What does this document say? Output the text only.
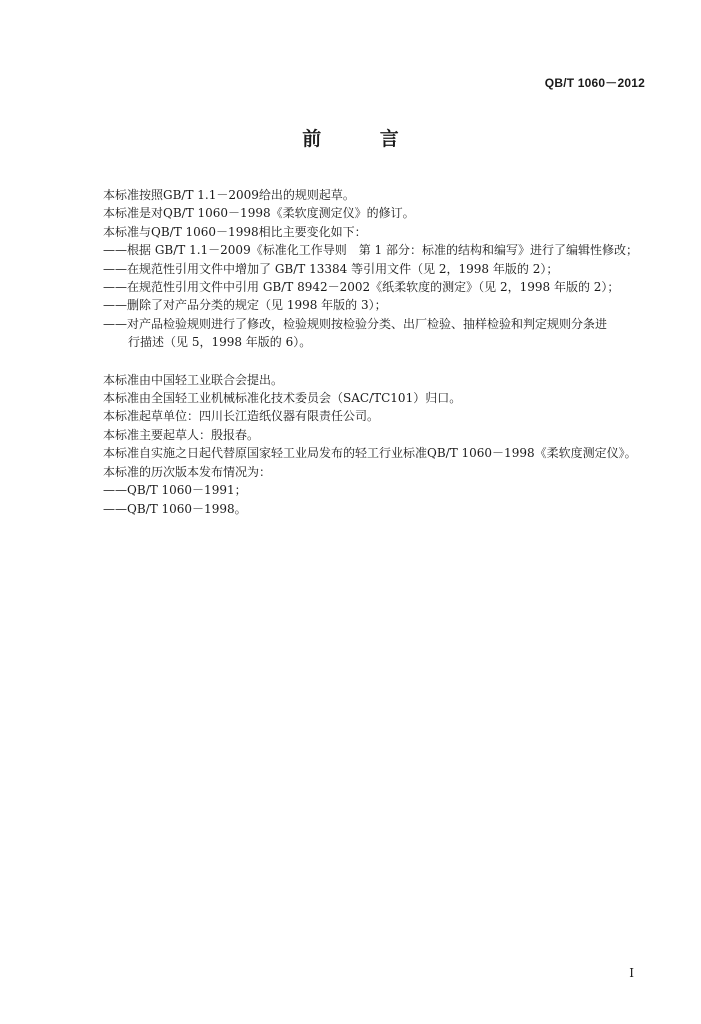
QB/T 1060－2012
前 言

本标准按照GB/T 1.1－2009给出的规则起草。

本标准是对QB/T 1060－1998《柔软度测定仪》的修订。

本标准与QB/T 1060－1998相比主要变化如下：

——根据 GB/T 1.1－2009《标准化工作导则　第 1 部分：标准的结构和编写》进行了编辑性修改；

——在规范性引用文件中增加了 GB/T 13384 等引用文件（见 2，1998 年版的 2）；

——在规范性引用文件中引用 GB/T 8942－2002《纸柔软度的测定》（见 2，1998 年版的 2）；

——删除了对产品分类的规定（见 1998 年版的 3）；

——对产品检验规则进行了修改，检验规则按检验分类、出厂检验、抽样检验和判定规则分条进

行描述（见 5，1998 年版的 6）。

本标准由中国轻工业联合会提出。

本标准由全国轻工业机械标准化技术委员会（SAC/TC101）归口。

本标准起草单位：四川长江造纸仪器有限责任公司。

本标准主要起草人：殷报春。

本标准自实施之日起代替原国家轻工业局发布的轻工行业标准QB/T 1060－1998《柔软度测定仪》。

本标准的历次版本发布情况为：

——QB/T 1060－1991；

——QB/T 1060－1998。

I
